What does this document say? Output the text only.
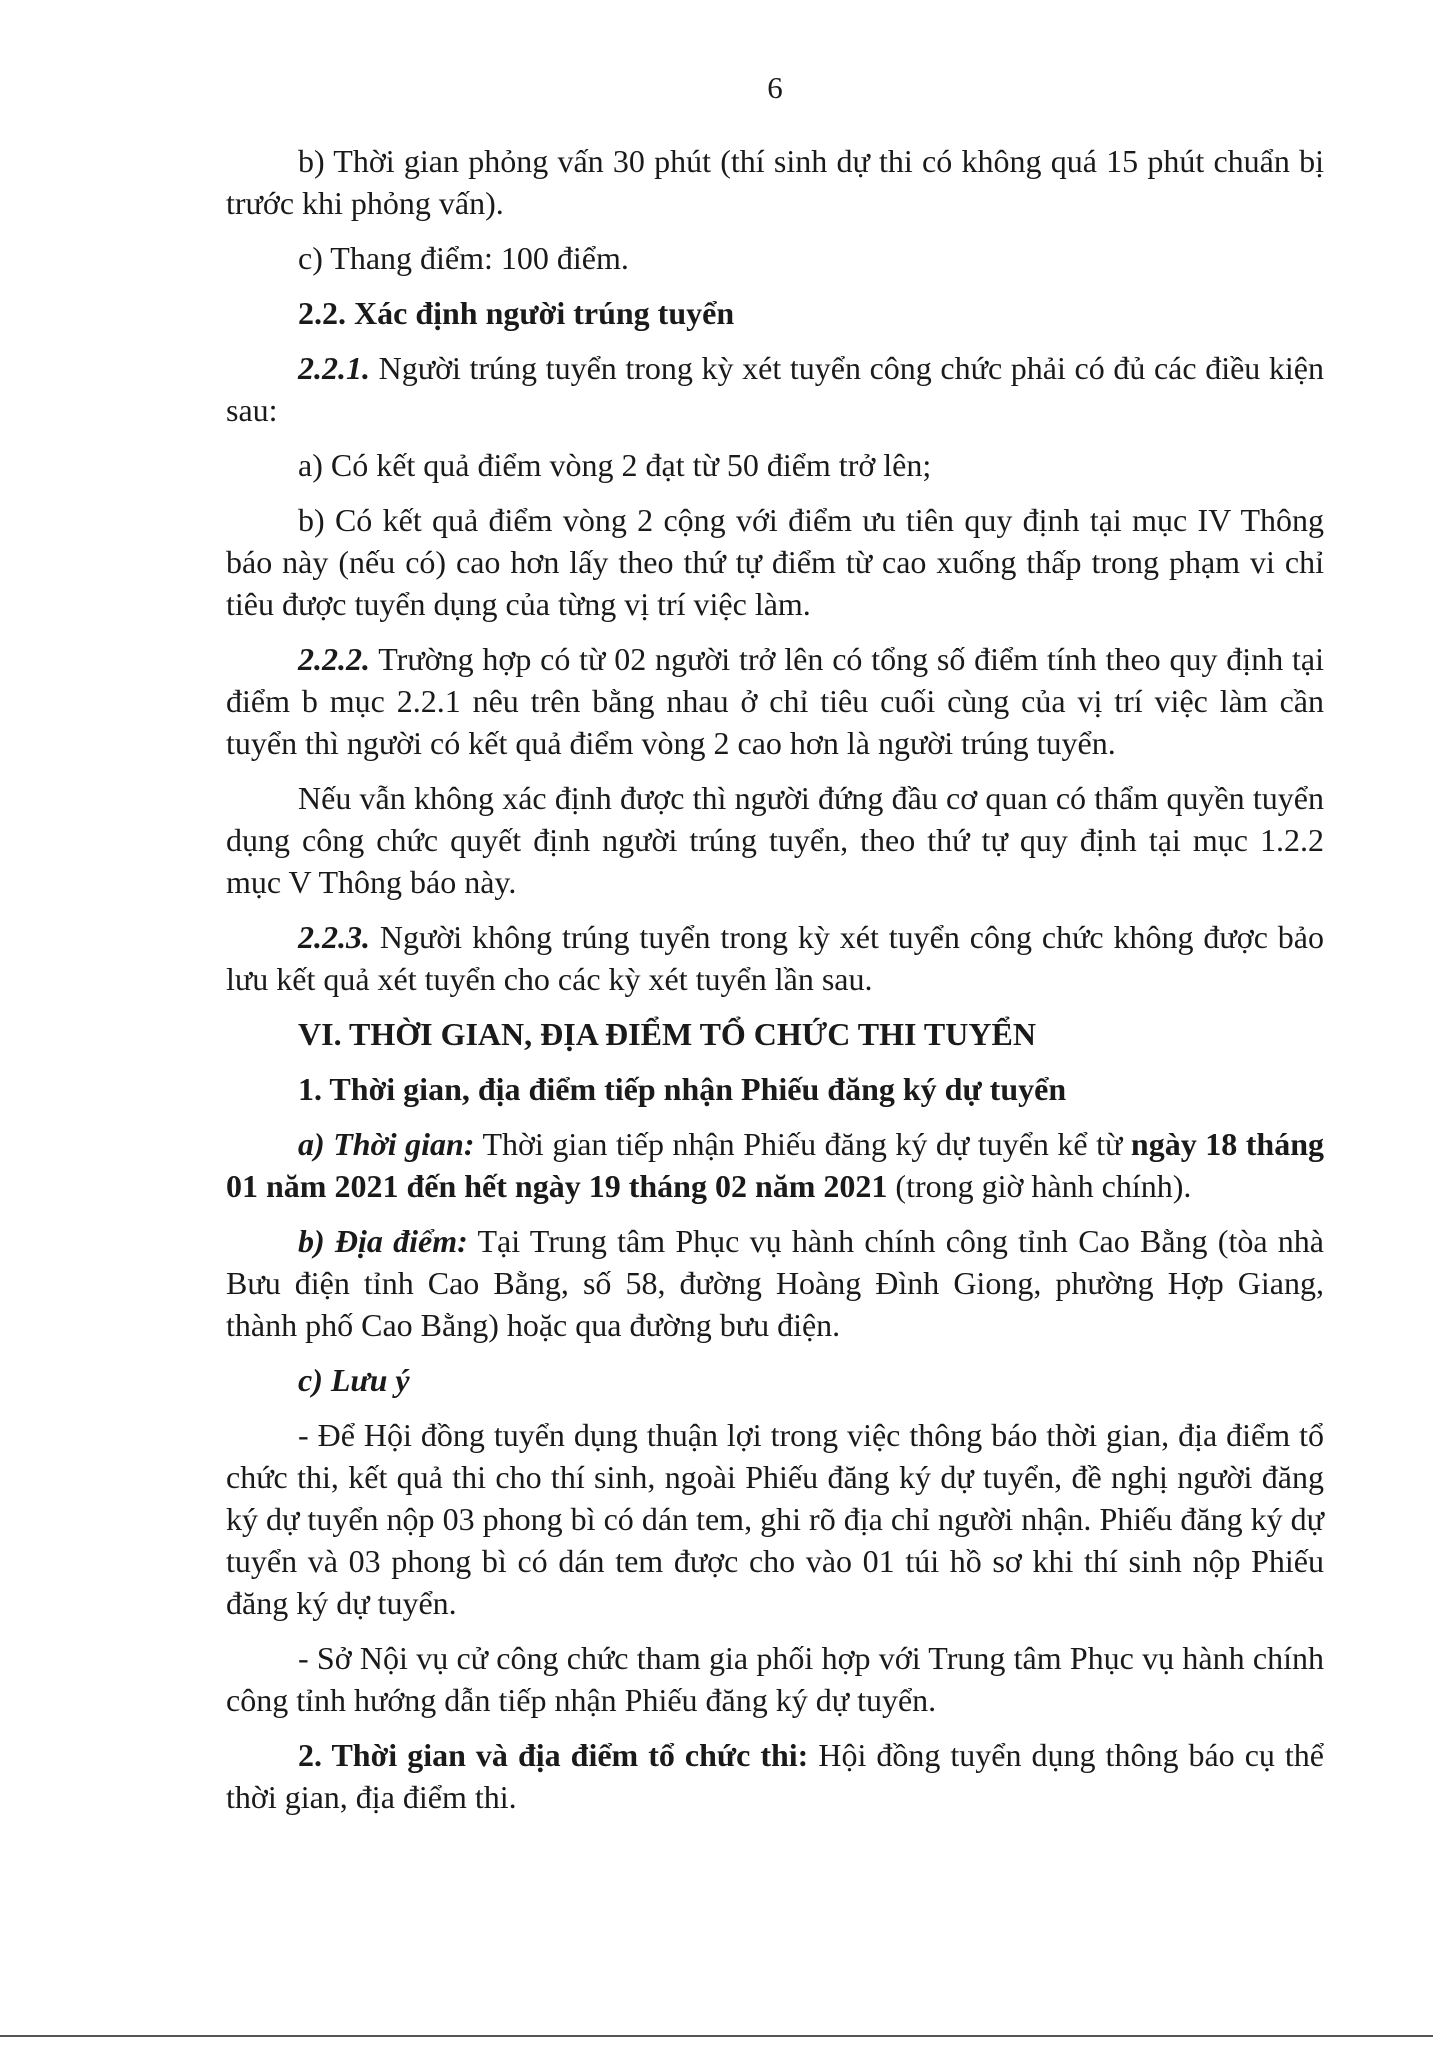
6

b) Thời gian phỏng vấn 30 phút (thí sinh dự thi có không quá 15 phút chuẩn bị trước khi phỏng vấn).

c) Thang điểm: 100 điểm.

2.2. Xác định người trúng tuyển

2.2.1. Người trúng tuyển trong kỳ xét tuyển công chức phải có đủ các điều kiện sau:

a) Có kết quả điểm vòng 2 đạt từ 50 điểm trở lên;

b) Có kết quả điểm vòng 2 cộng với điểm ưu tiên quy định tại mục IV Thông báo này (nếu có) cao hơn lấy theo thứ tự điểm từ cao xuống thấp trong phạm vi chỉ tiêu được tuyển dụng của từng vị trí việc làm.

2.2.2. Trường hợp có từ 02 người trở lên có tổng số điểm tính theo quy định tại điểm b mục 2.2.1 nêu trên bằng nhau ở chỉ tiêu cuối cùng của vị trí việc làm cần tuyển thì người có kết quả điểm vòng 2 cao hơn là người trúng tuyển.

Nếu vẫn không xác định được thì người đứng đầu cơ quan có thẩm quyền tuyển dụng công chức quyết định người trúng tuyển, theo thứ tự quy định tại mục 1.2.2 mục V Thông báo này.

2.2.3. Người không trúng tuyển trong kỳ xét tuyển công chức không được bảo lưu kết quả xét tuyển cho các kỳ xét tuyển lần sau.

VI. THỜI GIAN, ĐỊA ĐIỂM TỔ CHỨC THI TUYỂN

1. Thời gian, địa điểm tiếp nhận Phiếu đăng ký dự tuyển

a) Thời gian: Thời gian tiếp nhận Phiếu đăng ký dự tuyển kể từ ngày 18 tháng 01 năm 2021 đến hết ngày 19 tháng 02 năm 2021 (trong giờ hành chính).

b) Địa điểm: Tại Trung tâm Phục vụ hành chính công tỉnh Cao Bằng (tòa nhà Bưu điện tỉnh Cao Bằng, số 58, đường Hoàng Đình Giong, phường Hợp Giang, thành phố Cao Bằng) hoặc qua đường bưu điện.

c) Lưu ý

- Để Hội đồng tuyển dụng thuận lợi trong việc thông báo thời gian, địa điểm tổ chức thi, kết quả thi cho thí sinh, ngoài Phiếu đăng ký dự tuyển, đề nghị người đăng ký dự tuyển nộp 03 phong bì có dán tem, ghi rõ địa chỉ người nhận. Phiếu đăng ký dự tuyển và 03 phong bì có dán tem được cho vào 01 túi hồ sơ khi thí sinh nộp Phiếu đăng ký dự tuyển.

- Sở Nội vụ cử công chức tham gia phối hợp với Trung tâm Phục vụ hành chính công tỉnh hướng dẫn tiếp nhận Phiếu đăng ký dự tuyển.

2. Thời gian và địa điểm tổ chức thi: Hội đồng tuyển dụng thông báo cụ thể thời gian, địa điểm thi.
